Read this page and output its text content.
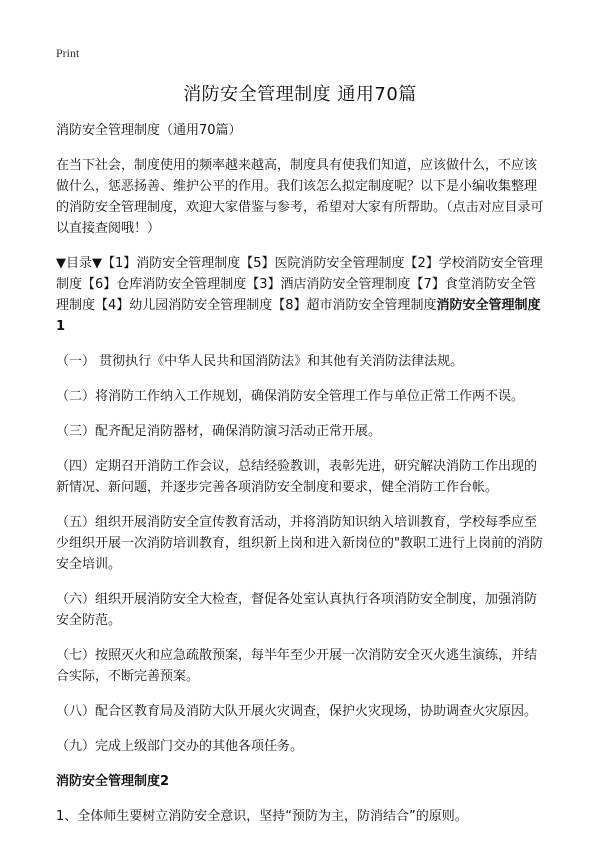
Print
消防安全管理制度 通用70篇

消防安全管理制度（通用70篇）

在当下社会，制度使用的频率越来越高，制度具有使我们知道，应该做什么，不应该做什么，惩恶扬善、维护公平的作用。我们该怎么拟定制度呢？以下是小编收集整理的消防安全管理制度，欢迎大家借鉴与参考，希望对大家有所帮助。（点击对应目录可以直接查阅哦！）

▼目录▼【1】消防安全管理制度【5】医院消防安全管理制度【2】学校消防安全管理制度【6】仓库消防安全管理制度【3】酒店消防安全管理制度【7】食堂消防安全管理制度【4】幼儿园消防安全管理制度【8】超市消防安全管理制度消防安全管理制度1

（一） 贯彻执行《中华人民共和国消防法》和其他有关消防法律法规。

（二）将消防工作纳入工作规划，确保消防安全管理工作与单位正常工作两不误。

（三）配齐配足消防器材，确保消防演习活动正常开展。

（四）定期召开消防工作会议，总结经验教训，表彰先进，研究解决消防工作出现的新情况、新问题，并逐步完善各项消防安全制度和要求，健全消防工作台帐。

（五）组织开展消防安全宣传教育活动，并将消防知识纳入培训教育，学校每季应至少组织开展一次消防培训教育，组织新上岗和进入新岗位的"教职工进行上岗前的消防安全培训。

（六）组织开展消防安全大检查，督促各处室认真执行各项消防安全制度，加强消防安全防范。

（七）按照灭火和应急疏散预案，每半年至少开展一次消防安全灭火逃生演练，并结合实际，不断完善预案。

（八）配合区教育局及消防大队开展火灾调查，保护火灾现场，协助调查火灾原因。

（九）完成上级部门交办的其他各项任务。

消防安全管理制度2

1、全体师生要树立消防安全意识，坚持“预防为主，防消结合”的原则。
